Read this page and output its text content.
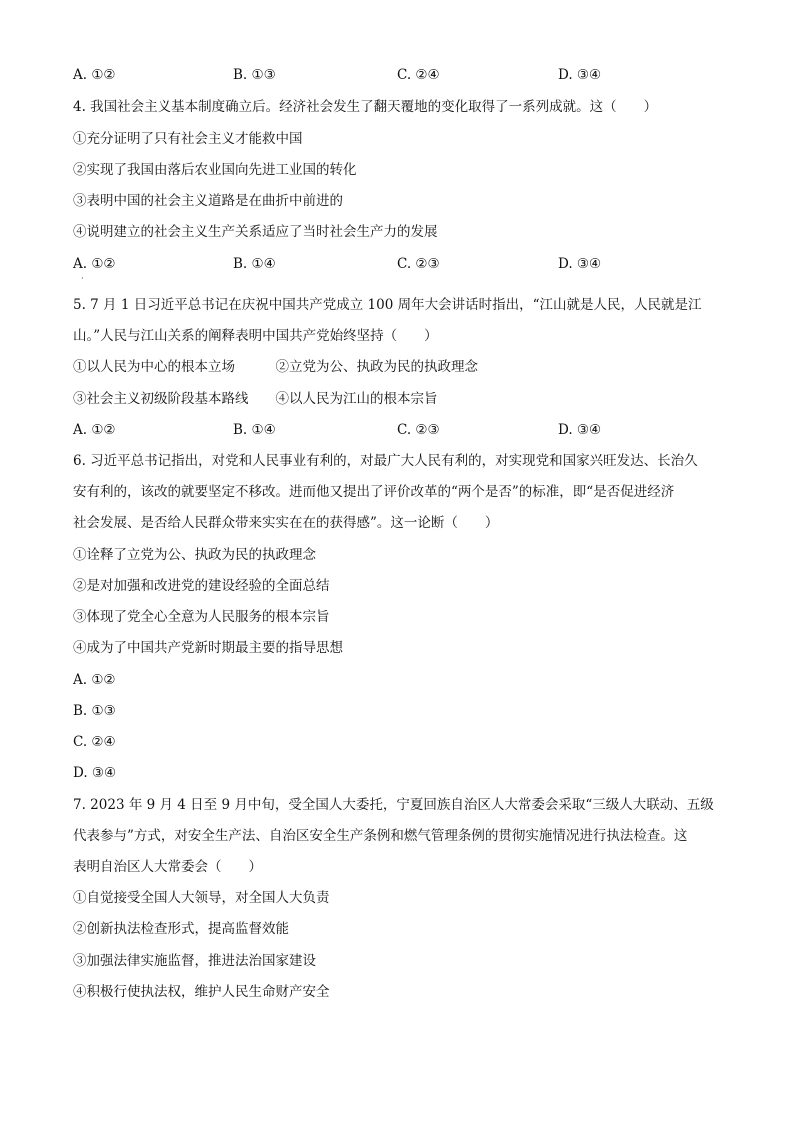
A. ①②	B. ①③	C. ②④	D. ③④
4. 我国社会主义基本制度确立后。经济社会发生了翻天覆地的变化取得了一系列成就。这（　　）
①充分证明了只有社会主义才能救中国
②实现了我国由落后农业国向先进工业国的转化
③表明中国的社会主义道路是在曲折中前进的
④说明建立的社会主义生产关系适应了当时社会生产力的发展
A. ①②	B. ①④	C. ②③	D. ③④
·
5. 7 月 1 日习近平总书记在庆祝中国共产党成立 100 周年大会讲话时指出，“江山就是人民，人民就是江
山。”人民与江山关系的阐释表明中国共产党始终坚持（　　）
①以人民为中心的根本立场　　　②立党为公、执政为民的执政理念
③社会主义初级阶段基本路线　　④以人民为江山的根本宗旨
A. ①②	B. ①④	C. ②③	D. ③④
6. 习近平总书记指出，对党和人民事业有利的，对最广大人民有利的，对实现党和国家兴旺发达、长治久
安有利的，该改的就要坚定不移改。进而他又提出了评价改革的“两个是否”的标准，即“是否促进经济
社会发展、是否给人民群众带来实实在在的获得感”。这一论断（　　）
①诠释了立党为公、执政为民的执政理念
②是对加强和改进党的建设经验的全面总结
③体现了党全心全意为人民服务的根本宗旨
④成为了中国共产党新时期最主要的指导思想
A. ①②
B. ①③
C. ②④
D. ③④
7. 2023 年 9 月 4 日至 9 月中旬，受全国人大委托，宁夏回族自治区人大常委会采取“三级人大联动、五级
代表参与”方式，对安全生产法、自治区安全生产条例和燃气管理条例的贯彻实施情况进行执法检查。这
表明自治区人大常委会（　　）
①自觉接受全国人大领导，对全国人大负责
②创新执法检查形式，提高监督效能
③加强法律实施监督，推进法治国家建设
④积极行使执法权，维护人民生命财产安全
